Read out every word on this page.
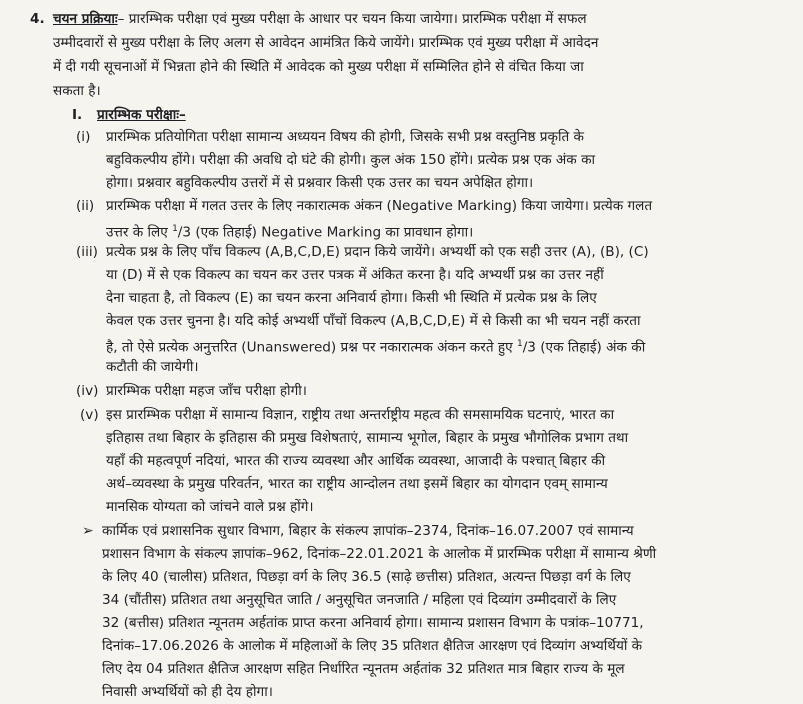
4. चयन प्रक्रियाः– प्रारम्भिक परीक्षा एवं मुख्य परीक्षा के आधार पर चयन किया जायेगा। प्रारम्भिक परीक्षा में सफल
उम्मीदवारों से मुख्य परीक्षा के लिए अलग से आवेदन आमंत्रित किये जायेंगे। प्रारम्भिक एवं मुख्य परीक्षा में आवेदन
में दी गयी सूचनाओं में भिन्नता होने की स्थिति में आवेदक को मुख्य परीक्षा में सम्मिलित होने से वंचित किया जा
सकता है।
I. प्रारम्भिक परीक्षाः–
(i) प्रारम्भिक प्रतियोगिता परीक्षा सामान्य अध्ययन विषय की होगी, जिसके सभी प्रश्न वस्तुनिष्ठ प्रकृति के
बहुविकल्पीय होंगे। परीक्षा की अवधि दो घंटे की होगी। कुल अंक 150 होंगे। प्रत्येक प्रश्न एक अंक का
होगा। प्रश्नवार बहुविकल्पीय उत्तरों में से प्रश्नवार किसी एक उत्तर का चयन अपेक्षित होगा।
(ii) प्रारम्भिक परीक्षा में गलत उत्तर के लिए नकारात्मक अंकन (Negative Marking) किया जायेगा। प्रत्येक गलत
उत्तर के लिए $^1$/3 (एक तिहाई) Negative Marking का प्रावधान होगा।
(iii) प्रत्येक प्रश्न के लिए पाँच विकल्प (A,B,C,D,E) प्रदान किये जायेंगे। अभ्यर्थी को एक सही उत्तर (A), (B), (C)
या (D) में से एक विकल्प का चयन कर उत्तर पत्रक में अंकित करना है। यदि अभ्यर्थी प्रश्न का उत्तर नहीं
देना चाहता है, तो विकल्प (E) का चयन करना अनिवार्य होगा। किसी भी स्थिति में प्रत्येक प्रश्न के लिए
केवल एक उत्तर चुनना है। यदि कोई अभ्यर्थी पाँचों विकल्प (A,B,C,D,E) में से किसी का भी चयन नहीं करता
है, तो ऐसे प्रत्येक अनुत्तरित (Unanswered) प्रश्न पर नकारात्मक अंकन करते हुए $^1$/3 (एक तिहाई) अंक की
कटौती की जायेगी।
(iv) प्रारम्भिक परीक्षा महज जाँच परीक्षा होगी।
(v) इस प्रारम्भिक परीक्षा में सामान्य विज्ञान, राष्ट्रीय तथा अन्तर्राष्ट्रीय महत्व की समसामयिक घटनाएं, भारत का
इतिहास तथा बिहार के इतिहास की प्रमुख विशेषताएं, सामान्य भूगोल, बिहार के प्रमुख भौगोलिक प्रभाग तथा
यहाँ की महत्वपूर्ण नदियां, भारत की राज्य व्यवस्था और आर्थिक व्यवस्था, आजादी के पश्चात् बिहार की
अर्थ–व्यवस्था के प्रमुख परिवर्तन, भारत का राष्ट्रीय आन्दोलन तथा इसमें बिहार का योगदान एवम् सामान्य
मानसिक योग्यता को जांचने वाले प्रश्न होंगे।
➢ कार्मिक एवं प्रशासनिक सुधार विभाग, बिहार के संकल्प ज्ञापांक–2374, दिनांक–16.07.2007 एवं सामान्य
प्रशासन विभाग के संकल्प ज्ञापांक–962, दिनांक–22.01.2021 के आलोक में प्रारम्भिक परीक्षा में सामान्य श्रेणी
के लिए 40 (चालीस) प्रतिशत, पिछड़ा वर्ग के लिए 36.5 (साढ़े छत्तीस) प्रतिशत, अत्यन्त पिछड़ा वर्ग के लिए
34 (चौंतीस) प्रतिशत तथा अनुसूचित जाति / अनुसूचित जनजाति / महिला एवं दिव्यांग उम्मीदवारों के लिए
32 (बत्तीस) प्रतिशत न्यूनतम अर्हतांक प्राप्त करना अनिवार्य होगा। सामान्य प्रशासन विभाग के पत्रांक–10771,
दिनांक–17.06.2026 के आलोक में महिलाओं के लिए 35 प्रतिशत क्षैतिज आरक्षण एवं दिव्यांग अभ्यर्थियों के
लिए देय 04 प्रतिशत क्षैतिज आरक्षण सहित निर्धारित न्यूनतम अर्हतांक 32 प्रतिशत मात्र बिहार राज्य के मूल
निवासी अभ्यर्थियों को ही देय होगा।
